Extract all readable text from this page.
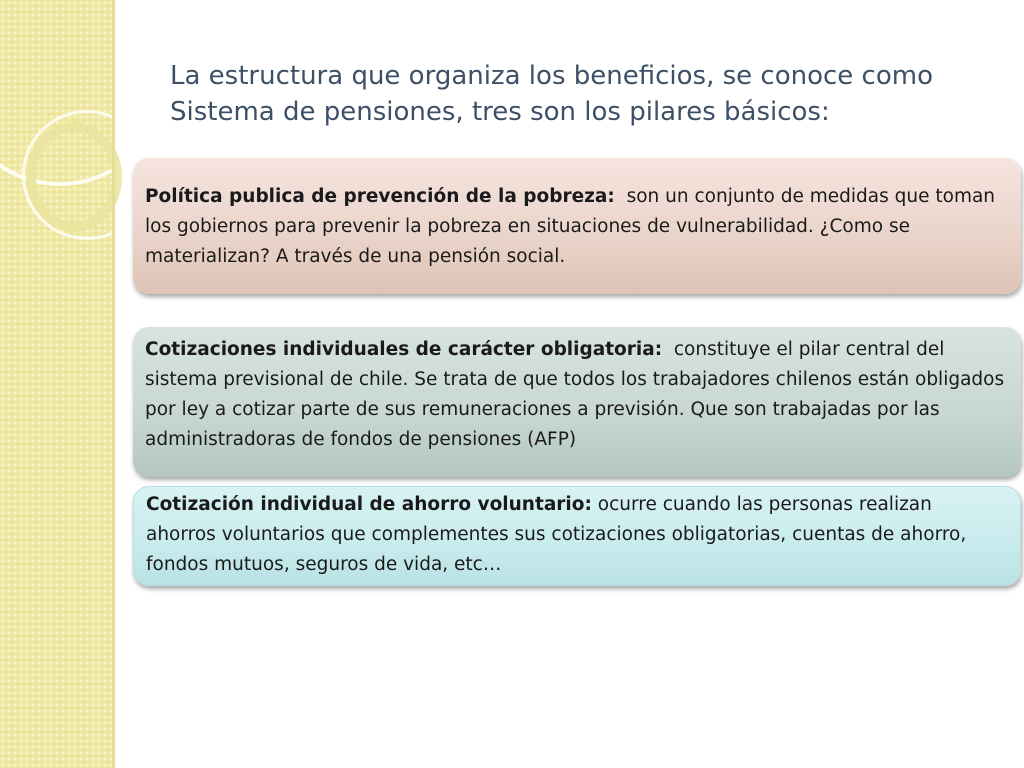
La estructura que organiza los beneficios, se conoce como Sistema de pensiones, tres son los pilares básicos:
Política publica de prevención de la pobreza: son un conjunto de medidas que toman los gobiernos para prevenir la pobreza en situaciones de vulnerabilidad. ¿Como se materializan? A través de una pensión social.
Cotizaciones individuales de carácter obligatoria: constituye el pilar central del sistema previsional de chile. Se trata de que todos los trabajadores chilenos están obligados por ley a cotizar parte de sus remuneraciones a previsión. Que son trabajadas por las administradoras de fondos de pensiones (AFP)
Cotización individual de ahorro voluntario: ocurre cuando las personas realizan ahorros voluntarios que complementes sus cotizaciones obligatorias, cuentas de ahorro, fondos mutuos, seguros de vida, etc…
